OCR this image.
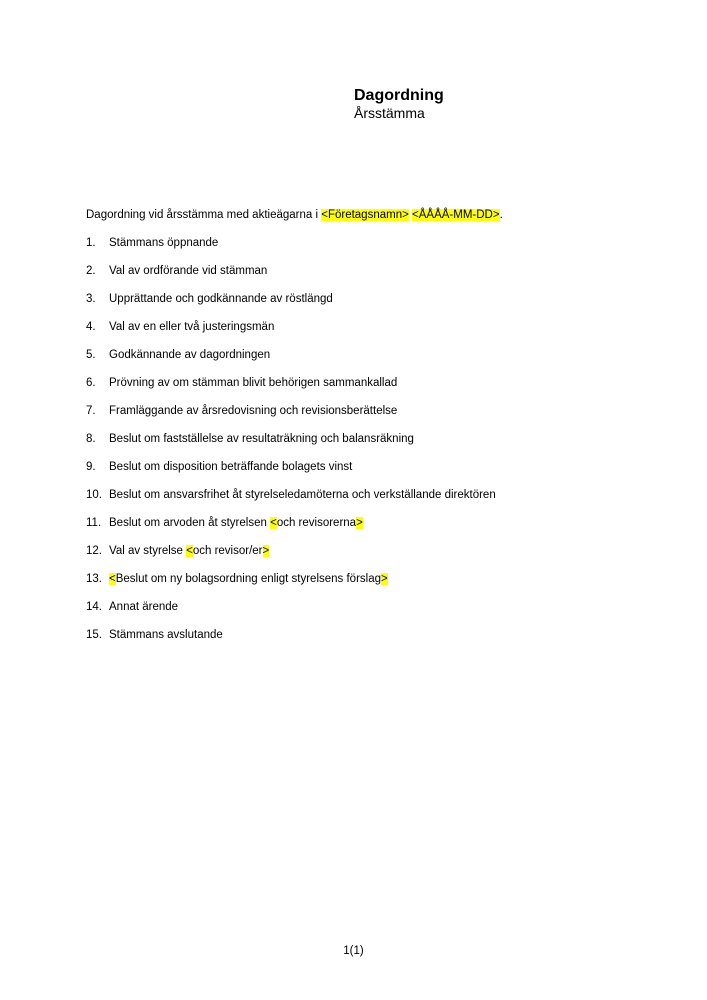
Dagordning
Årsstämma
Dagordning vid årsstämma med aktieägarna i <Företagsnamn> <ÅÅÅÅ-MM-DD>.
1. Stämmans öppnande
2. Val av ordförande vid stämman
3. Upprättande och godkännande av röstlängd
4. Val av en eller två justeringsmän
5. Godkännande av dagordningen
6. Prövning av om stämman blivit behörigen sammankallad
7. Framläggande av årsredovisning och revisionsberättelse
8. Beslut om fastställelse av resultaträkning och balansräkning
9. Beslut om disposition beträffande bolagets vinst
10. Beslut om ansvarsfrihet åt styrelseledamöterna och verkställande direktören
11. Beslut om arvoden åt styrelsen <och revisorerna>
12. Val av styrelse <och revisor/er>
13. <Beslut om ny bolagsordning enligt styrelsens förslag>
14. Annat ärende
15. Stämmans avslutande
1(1)
